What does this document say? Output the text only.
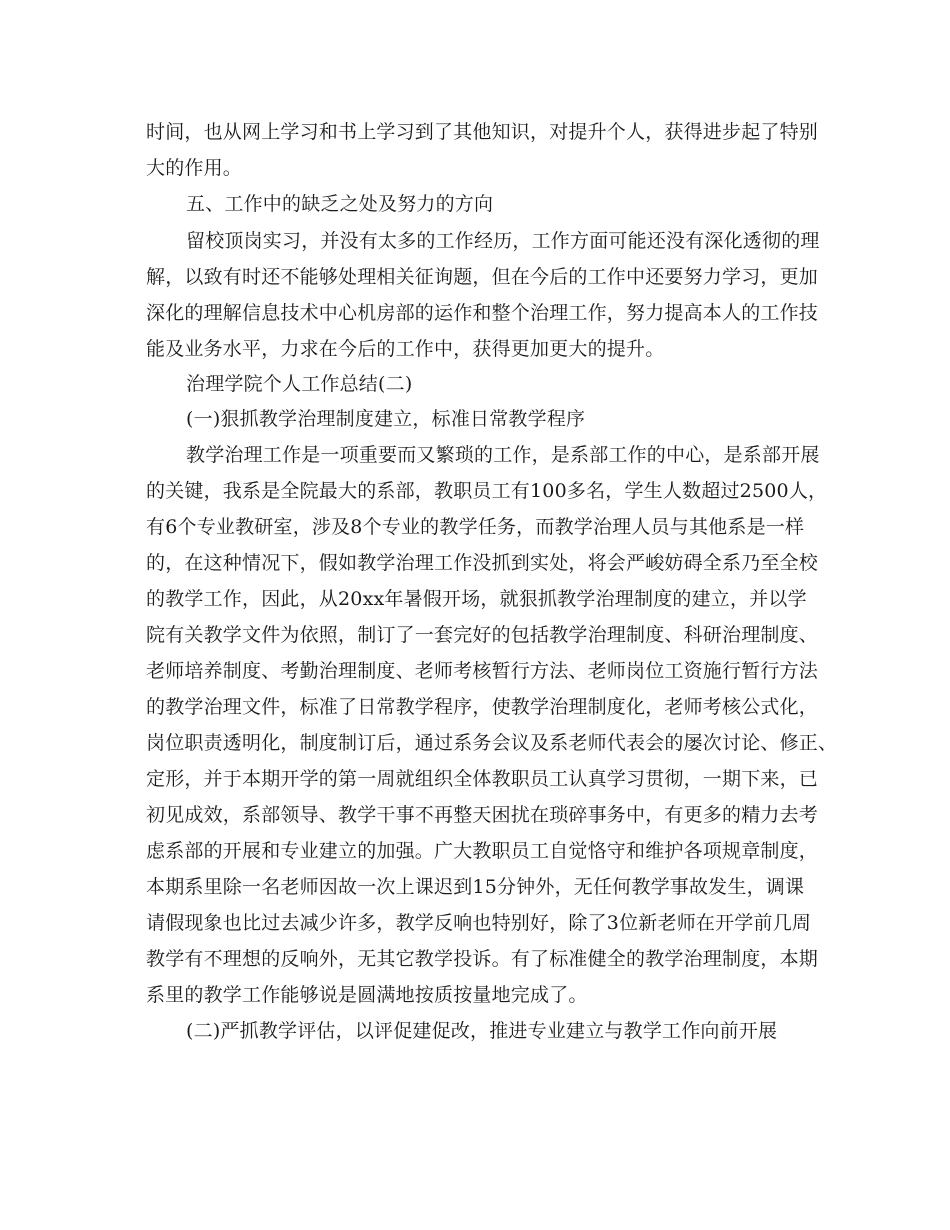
时间，也从网上学习和书上学习到了其他知识，对提升个人，获得进步起了特别

大的作用。

五、工作中的缺乏之处及努力的方向

留校顶岗实习，并没有太多的工作经历，工作方面可能还没有深化透彻的理

解，以致有时还不能够处理相关征询题，但在今后的工作中还要努力学习，更加

深化的理解信息技术中心机房部的运作和整个治理工作，努力提高本人的工作技

能及业务水平，力求在今后的工作中，获得更加更大的提升。

治理学院个人工作总结(二)

(一)狠抓教学治理制度建立，标准日常教学程序

教学治理工作是一项重要而又繁琐的工作，是系部工作的中心，是系部开展

的关键，我系是全院最大的系部，教职员工有100多名，学生人数超过2500人，

有6个专业教研室，涉及8个专业的教学任务，而教学治理人员与其他系是一样

的，在这种情况下，假如教学治理工作没抓到实处，将会严峻妨碍全系乃至全校

的教学工作，因此，从20xx年暑假开场，就狠抓教学治理制度的建立，并以学

院有关教学文件为依照，制订了一套完好的包括教学治理制度、科研治理制度、

老师培养制度、考勤治理制度、老师考核暂行方法、老师岗位工资施行暂行方法

的教学治理文件，标准了日常教学程序，使教学治理制度化，老师考核公式化，

岗位职责透明化，制度制订后，通过系务会议及系老师代表会的屡次讨论、修正、

定形，并于本期开学的第一周就组织全体教职员工认真学习贯彻，一期下来，已

初见成效，系部领导、教学干事不再整天困扰在琐碎事务中，有更多的精力去考

虑系部的开展和专业建立的加强。广大教职员工自觉恪守和维护各项规章制度，

本期系里除一名老师因故一次上课迟到15分钟外，无任何教学事故发生，调课

请假现象也比过去减少许多，教学反响也特别好，除了3位新老师在开学前几周

教学有不理想的反响外，无其它教学投诉。有了标准健全的教学治理制度，本期

系里的教学工作能够说是圆满地按质按量地完成了。

(二)严抓教学评估，以评促建促改，推进专业建立与教学工作向前开展
